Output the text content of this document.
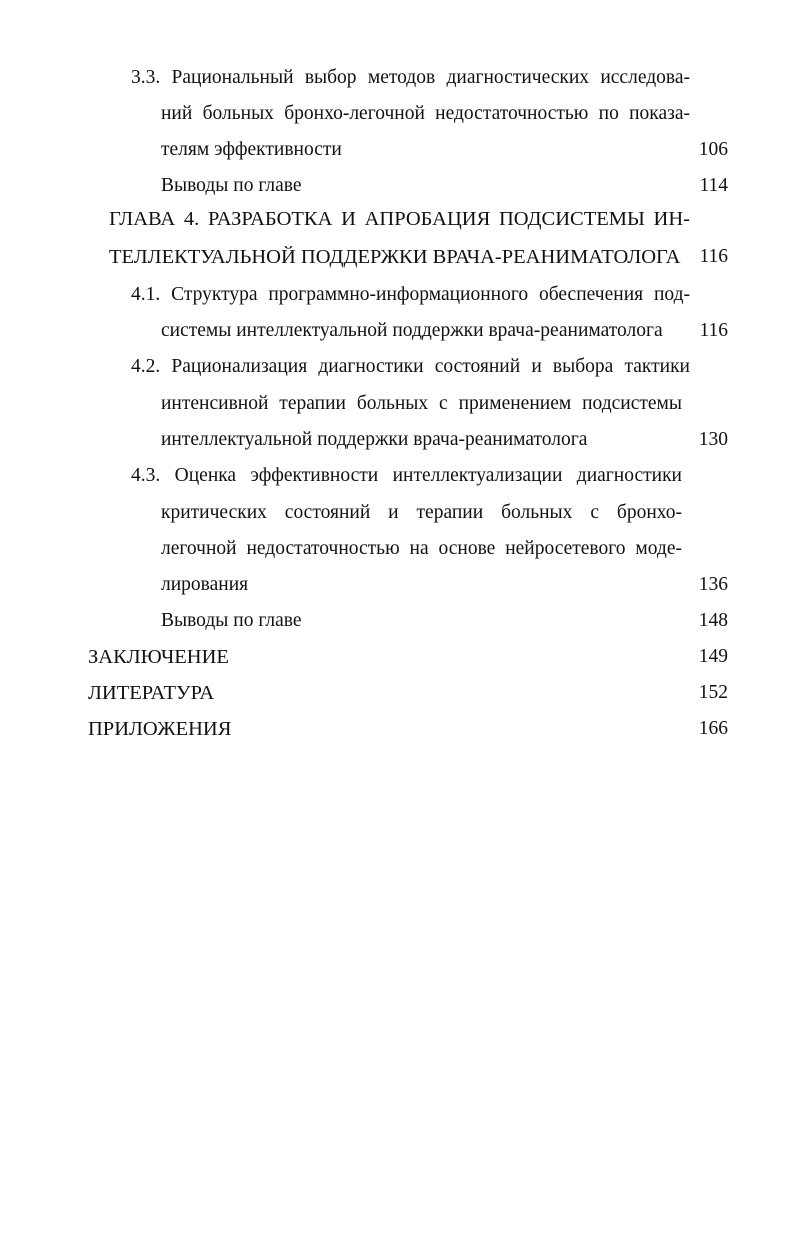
3.3. Рациональный выбор методов диагностических исследова-
ний больных бронхо-легочной недостаточностью по показа-
телям эффективности	106
Выводы по главе	114
ГЛАВА 4. РАЗРАБОТКА И АПРОБАЦИЯ ПОДСИСТЕМЫ ИН-
ТЕЛЛЕКТУАЛЬНОЙ ПОДДЕРЖКИ ВРАЧА-РЕАНИМАТОЛОГА 116
4.1. Структура программно-информационного обеспечения под-
системы интеллектуальной поддержки врача-реаниматолога	116
4.2. Рационализация диагностики состояний и выбора тактики
интенсивной терапии больных с применением подсистемы
интеллектуальной поддержки врача-реаниматолога	130
4.3. Оценка эффективности интеллектуализации диагностики
критических состояний и терапии больных с бронхо-
легочной недостаточностью на основе нейросетевого моде-
лирования	136
Выводы по главе	148
ЗАКЛЮЧЕНИЕ	149
ЛИТЕРАТУРА	152
ПРИЛОЖЕНИЯ	166
